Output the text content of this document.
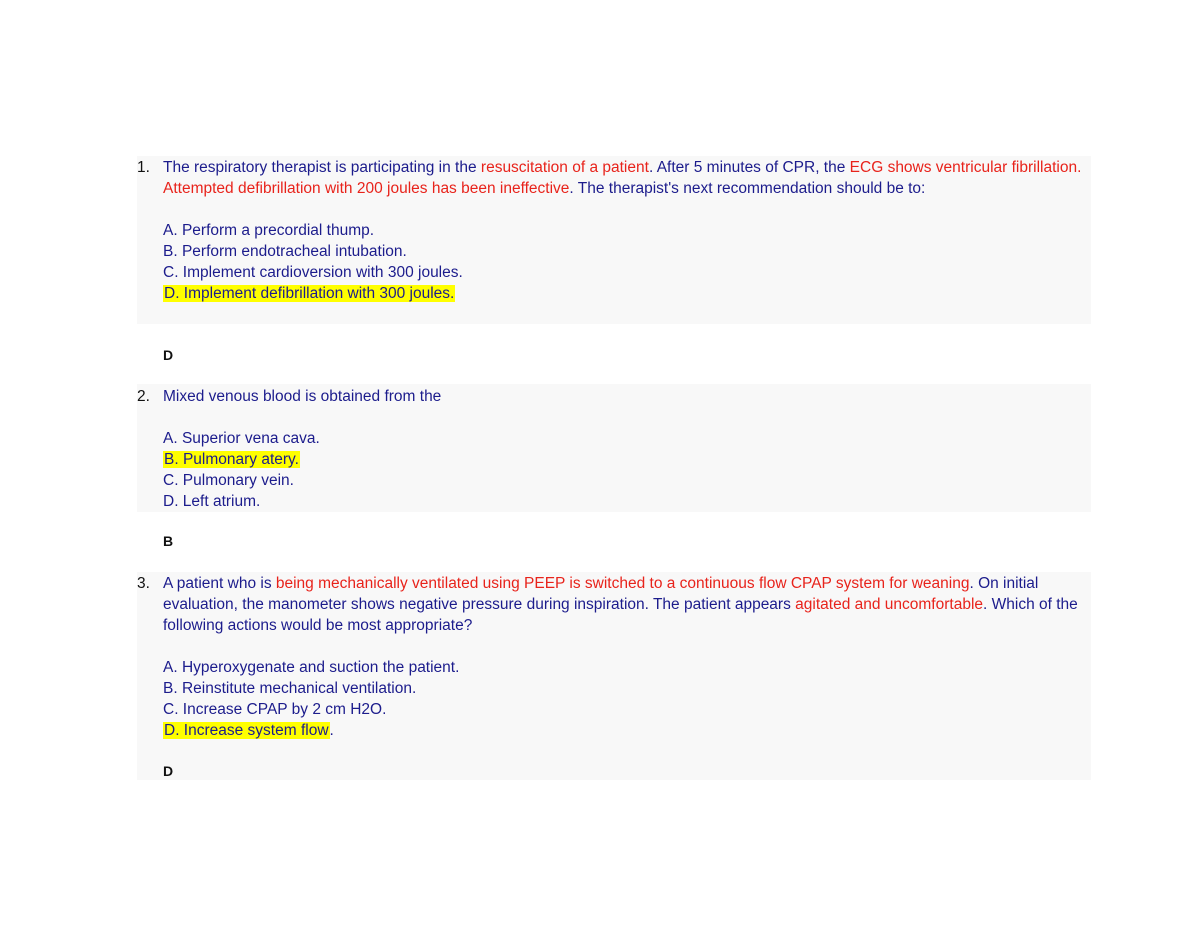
1. The respiratory therapist is participating in the resuscitation of a patient. After 5 minutes of CPR, the ECG shows ventricular fibrillation. Attempted defibrillation with 200 joules has been ineffective. The therapist's next recommendation should be to:
A. Perform a precordial thump.
B. Perform endotracheal intubation.
C. Implement cardioversion with 300 joules.
D. Implement defibrillation with 300 joules.
D
2. Mixed venous blood is obtained from the
A. Superior vena cava.
B. Pulmonary atery.
C. Pulmonary vein.
D. Left atrium.
B
3. A patient who is being mechanically ventilated using PEEP is switched to a continuous flow CPAP system for weaning. On initial evaluation, the manometer shows negative pressure during inspiration. The patient appears agitated and uncomfortable. Which of the following actions would be most appropriate?
A. Hyperoxygenate and suction the patient.
B. Reinstitute mechanical ventilation.
C. Increase CPAP by 2 cm H2O.
D. Increase system flow.
D
